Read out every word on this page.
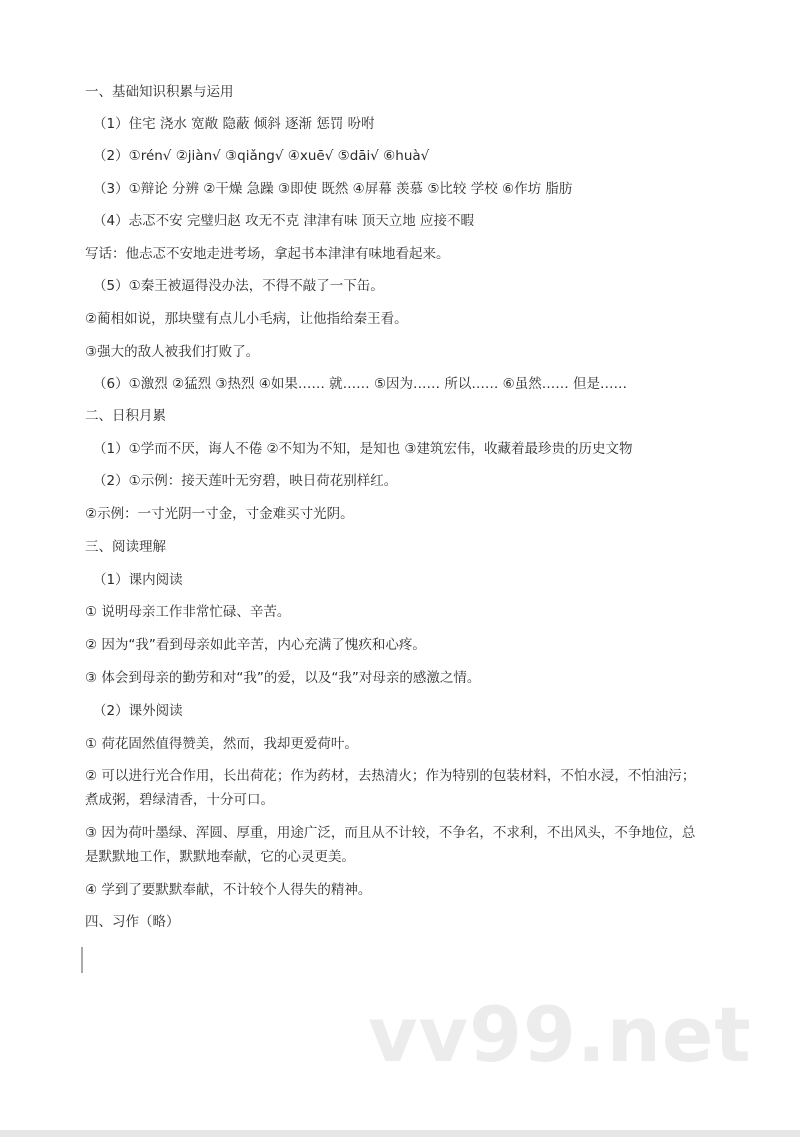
一、基础知识积累与运用
（1）住宅 浇水 宽敞 隐蔽 倾斜 逐渐 惩罚 吩咐
（2）①rén√ ②jiàn√ ③qiǎng√ ④xuē√ ⑤dāi√ ⑥huà√
（3）①辩论 分辨 ②干燥 急躁 ③即使 既然 ④屏幕 羡慕 ⑤比较 学校 ⑥作坊 脂肪
（4）忐忑不安 完璧归赵 攻无不克 津津有味 顶天立地 应接不暇
写话：他忐忑不安地走进考场，拿起书本津津有味地看起来。
（5）①秦王被逼得没办法，不得不敲了一下缶。
②蔺相如说，那块璧有点儿小毛病，让他指给秦王看。
③强大的敌人被我们打败了。
（6）①激烈 ②猛烈 ③热烈 ④如果…… 就…… ⑤因为…… 所以…… ⑥虽然…… 但是……
二、日积月累
（1）①学而不厌，诲人不倦 ②不知为不知，是知也 ③建筑宏伟，收藏着最珍贵的历史文物
（2）①示例：接天莲叶无穷碧，映日荷花别样红。
②示例：一寸光阴一寸金，寸金难买寸光阴。
三、阅读理解
（1）课内阅读
① 说明母亲工作非常忙碌、辛苦。
② 因为“我”看到母亲如此辛苦，内心充满了愧疚和心疼。
③ 体会到母亲的勤劳和对“我”的爱，以及“我”对母亲的感激之情。
（2）课外阅读
① 荷花固然值得赞美，然而，我却更爱荷叶。
② 可以进行光合作用，长出荷花；作为药材，去热清火；作为特别的包装材料，不怕水浸，不怕油污；煮成粥，碧绿清香，十分可口。
③ 因为荷叶墨绿、浑圆、厚重，用途广泛，而且从不计较，不争名，不求利，不出风头，不争地位，总是默默地工作，默默地奉献，它的心灵更美。
④ 学到了要默默奉献，不计较个人得失的精神。
四、习作（略）
vv99.net
